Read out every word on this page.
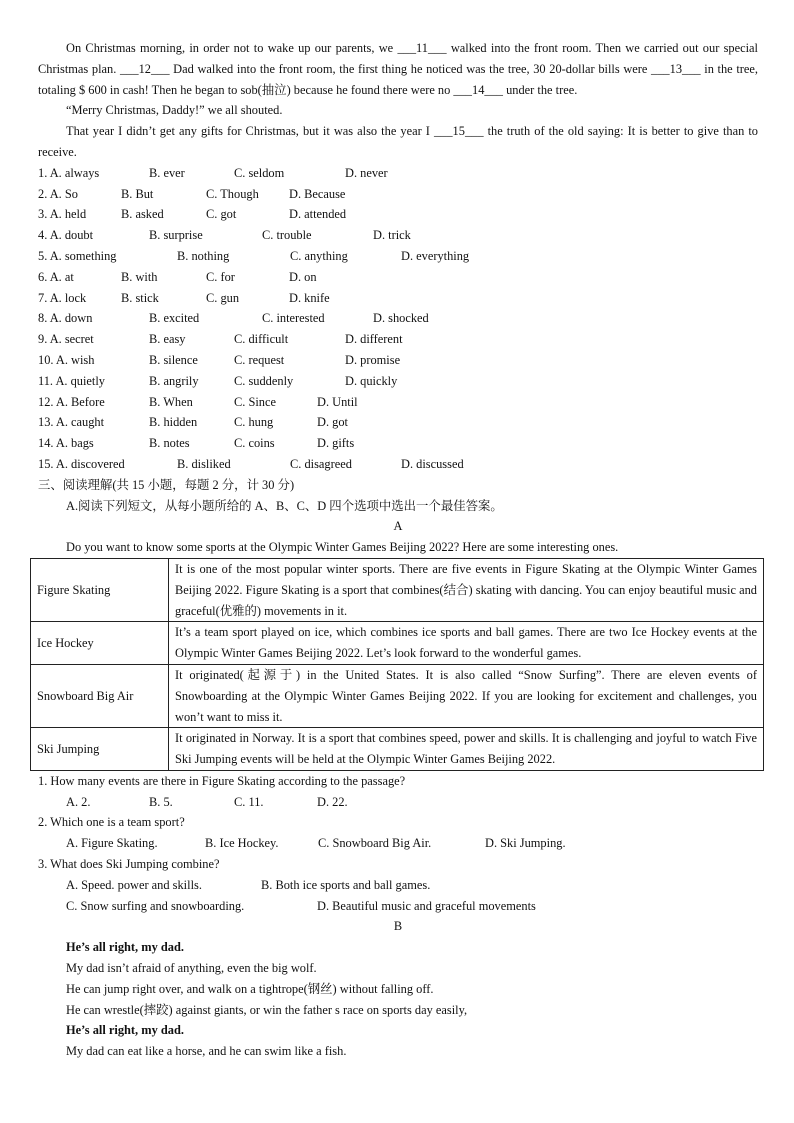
On Christmas morning, in order not to wake up our parents, we ___11___ walked into the front room. Then we carried out our special Christmas plan. ___12___ Dad walked into the front room, the first thing he noticed was the tree, 30 20-dollar bills were ___13___ in the tree, totaling $ 600 in cash! Then he began to sob(抽泣) because he found there were no ___14___ under the tree.

“Merry Christmas, Daddy!” we all shouted.

That year I didn’t get any gifts for Christmas, but it was also the year I ___15___ the truth of the old saying: It is better to give than to receive.

1. A. always	B. ever	C. seldom	D. never
2. A. So	B. But	C. Though D. Because
3. A. held	B. asked	C. got	D. attended
4. A. doubt	B. surprise	C. trouble	D. trick
5. A. something	B. nothing	C. anything	D. everything
6. A. at	B. with	C. for	D. on
7. A. lock	B. stick	C. gun	D. knife
8. A. down	B. excited	C. interested	D. shocked
9. A. secret	B. easy	C. difficult	D. different
10. A. wish	B. silence	C. request	D. promise
11. A. quietly	B. angrily	C. suddenly	D. quickly
12. A. Before	B. When	C. Since	D. Until
13. A. caught	B. hidden	C. hung	D. got
14. A. bags	B. notes	C. coins	D. gifts
15. A. discovered	B. disliked	C. disagreed	D. discussed
三、阅读理解(共 15 小题，每题 2 分，计 30 分)
A.阅读下列短文，从每小题所给的 A、B、C、D 四个选项中选出一个最佳答案。
A
Do you want to know some sports at the Olympic Winter Games Beijing 2022? Here are some interesting ones.
Figure Skating	It is one of the most popular winter sports. There are five events in Figure Skating at the Olympic Winter Games Beijing 2022. Figure Skating is a sport that combines(结合) skating with dancing. You can enjoy beautiful music and graceful(优雅的) movements in it.
Ice Hockey	It’s a team sport played on ice, which combines ice sports and ball games. There are two Ice Hockey events at the Olympic Winter Games Beijing 2022. Let’s look forward to the wonderful games.
Snowboard Big Air	It originated(起源于) in the United States. It is also called “Snow Surfing”. There are eleven events of Snowboarding at the Olympic Winter Games Beijing 2022. If you are looking for excitement and challenges, you won’t want to miss it.
Ski Jumping	It originated in Norway. It is a sport that combines speed, power and skills. It is challenging and joyful to watch Five Ski Jumping events will be held at the Olympic Winter Games Beijing 2022.
1. How many events are there in Figure Skating according to the passage?
A. 2.	B. 5.	C. 11.	D. 22.
2. Which one is a team sport?
A. Figure Skating.	B. Ice Hockey.	C. Snowboard Big Air.	D. Ski Jumping.
3. What does Ski Jumping combine?
A. Speed. power and skills.	B. Both ice sports and ball games.
C. Snow surfing and snowboarding.	D. Beautiful music and graceful movements
B
He’s all right, my dad.
My dad isn’t afraid of anything, even the big wolf.
He can jump right over, and walk on a tightrope(钢丝) without falling off.
He can wrestle(摔跤) against giants, or win the father s race on sports day easily,
He’s all right, my dad.
My dad can eat like a horse, and he can swim like a fish.
